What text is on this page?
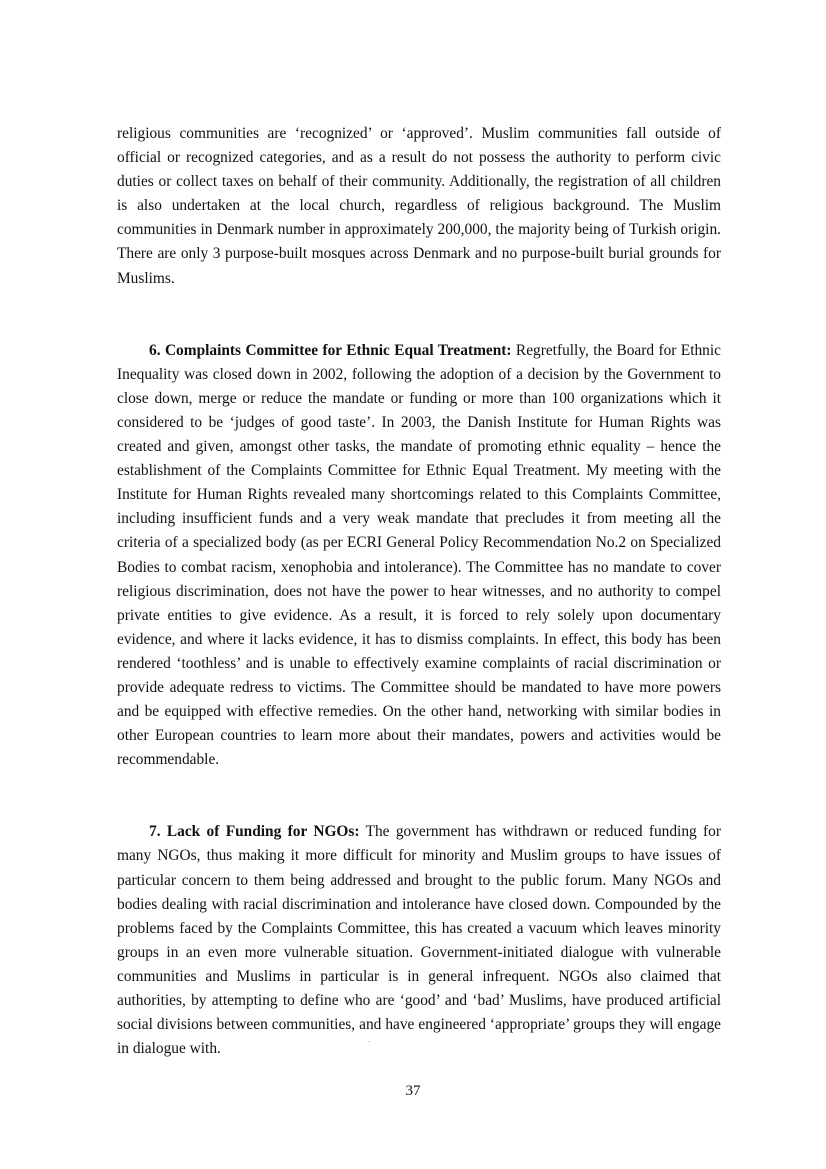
religious communities are ‘recognized’ or ‘approved’. Muslim communities fall outside of official or recognized categories, and as a result do not possess the authority to perform civic duties or collect taxes on behalf of their community. Additionally, the registration of all children is also undertaken at the local church, regardless of religious background. The Muslim communities in Denmark number in approximately 200,000, the majority being of Turkish origin. There are only 3 purpose-built mosques across Denmark and no purpose-built burial grounds for Muslims.

6. Complaints Committee for Ethnic Equal Treatment: Regretfully, the Board for Ethnic Inequality was closed down in 2002, following the adoption of a decision by the Government to close down, merge or reduce the mandate or funding or more than 100 organizations which it considered to be ‘judges of good taste’. In 2003, the Danish Institute for Human Rights was created and given, amongst other tasks, the mandate of promoting ethnic equality – hence the establishment of the Complaints Committee for Ethnic Equal Treatment. My meeting with the Institute for Human Rights revealed many shortcomings related to this Complaints Committee, including insufficient funds and a very weak mandate that precludes it from meeting all the criteria of a specialized body (as per ECRI General Policy Recommendation No.2 on Specialized Bodies to combat racism, xenophobia and intolerance). The Committee has no mandate to cover religious discrimination, does not have the power to hear witnesses, and no authority to compel private entities to give evidence. As a result, it is forced to rely solely upon documentary evidence, and where it lacks evidence, it has to dismiss complaints. In effect, this body has been rendered ‘toothless’ and is unable to effectively examine complaints of racial discrimination or provide adequate redress to victims. The Committee should be mandated to have more powers and be equipped with effective remedies. On the other hand, networking with similar bodies in other European countries to learn more about their mandates, powers and activities would be recommendable.

7. Lack of Funding for NGOs: The government has withdrawn or reduced funding for many NGOs, thus making it more difficult for minority and Muslim groups to have issues of particular concern to them being addressed and brought to the public forum. Many NGOs and bodies dealing with racial discrimination and intolerance have closed down. Compounded by the problems faced by the Complaints Committee, this has created a vacuum which leaves minority groups in an even more vulnerable situation. Government-initiated dialogue with vulnerable communities and Muslims in particular is in general infrequent. NGOs also claimed that authorities, by attempting to define who are ‘good’ and ‘bad’ Muslims, have produced artificial social divisions between communities, and have engineered ‘appropriate’ groups they will engage in dialogue with.

37
